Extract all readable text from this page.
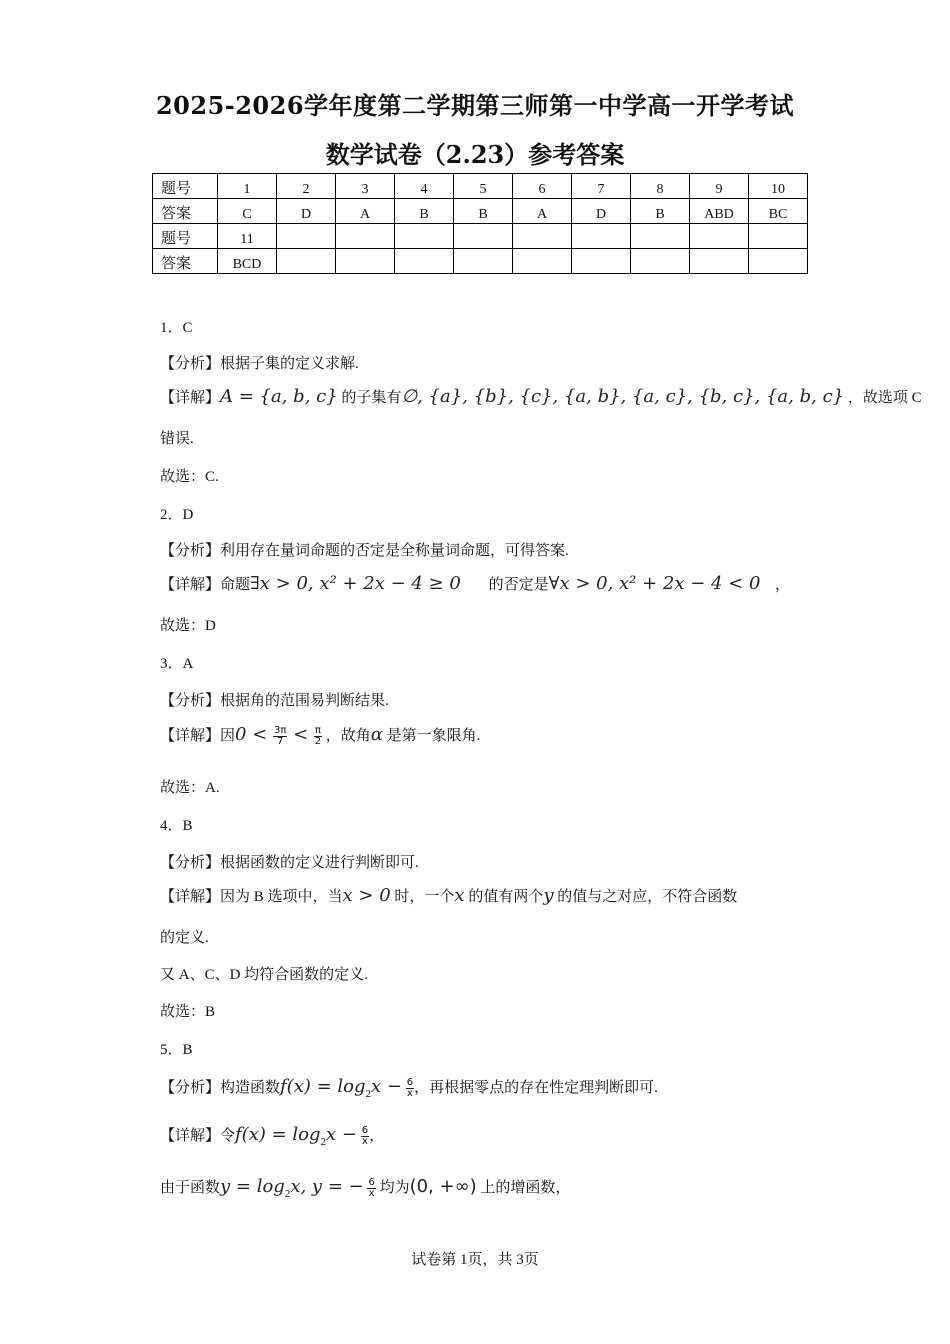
2025-2026学年度第二学期第三师第一中学高一开学考试
数学试卷（2.23）参考答案
题号	1	2	3	4	5	6	7	8	9	10
答案	C	D	A	B	B	A	D	B	ABD	BC
题号	11									
答案	BCD									
1．C
【分析】根据子集的定义求解.
【详解】A = {a, b, c} 的子集有∅, {a}, {b}, {c}, {a, b}, {a, c}, {b, c}, {a, b, c} ，故选项 C
错误.
故选：C.
2．D
【分析】利用存在量词命题的否定是全称量词命题，可得答案.
【详解】命题∃x > 0, x² + 2x − 4 ≥ 0 的否定是∀x > 0, x² + 2x − 4 < 0 ，
故选：D
3．A
【分析】根据角的范围易判断结果.
【详解】因$0 < \frac{3\pi}{7} < \frac{\pi}{2}$ ，故角α 是第一象限角.
故选：A.
4．B
【分析】根据函数的定义进行判断即可.
【详解】因为 B 选项中，当x > 0 时，一个x 的值有两个y 的值与之对应，不符合函数
的定义.
又 A、C、D 均符合函数的定义.
故选：B
5．B
【分析】构造函数$f(x) = \log_2x - \frac{6}{x}$ ，再根据零点的存在性定理判断即可.
【详解】令$f(x) = \log_2x - \frac{6}{x}$ ，
由于函数$y = \log_2x$, y = − $\frac{6}{x}$ 均为(0, +∞) 上的增函数，
试卷第 1页，共 3页
